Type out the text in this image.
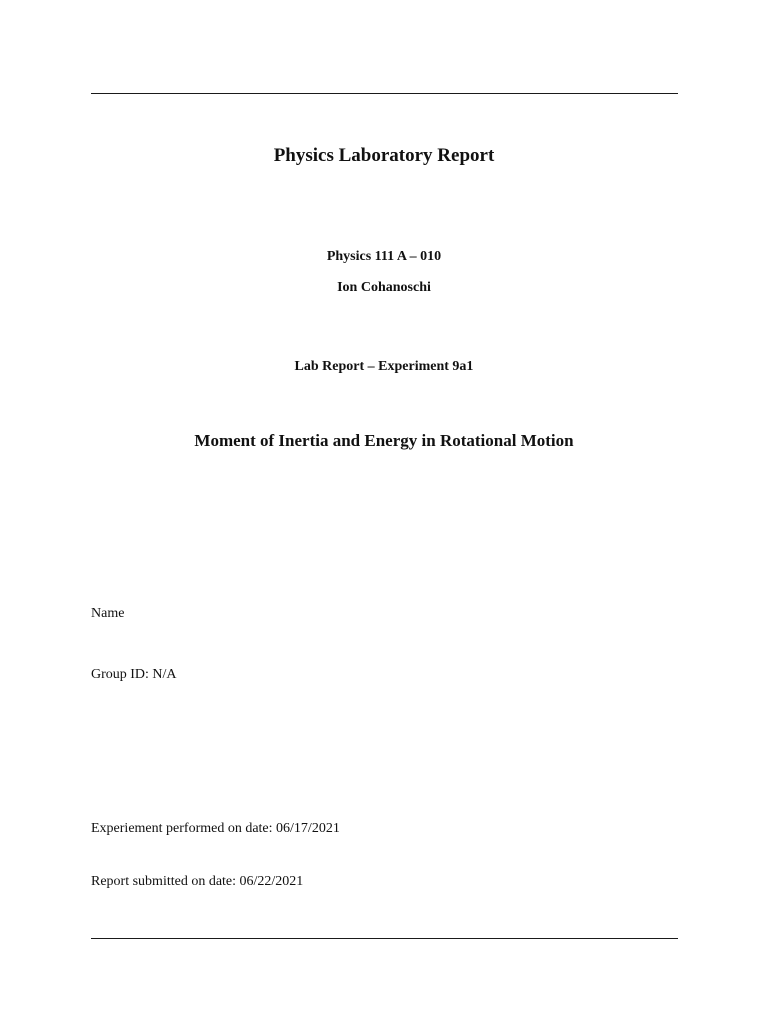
Physics Laboratory Report
Physics 111 A – 010
Ion Cohanoschi
Lab Report – Experiment 9a1
Moment of Inertia and Energy in Rotational Motion
Name
Group ID: N/A
Experiement performed on date: 06/17/2021
Report submitted on date: 06/22/2021
